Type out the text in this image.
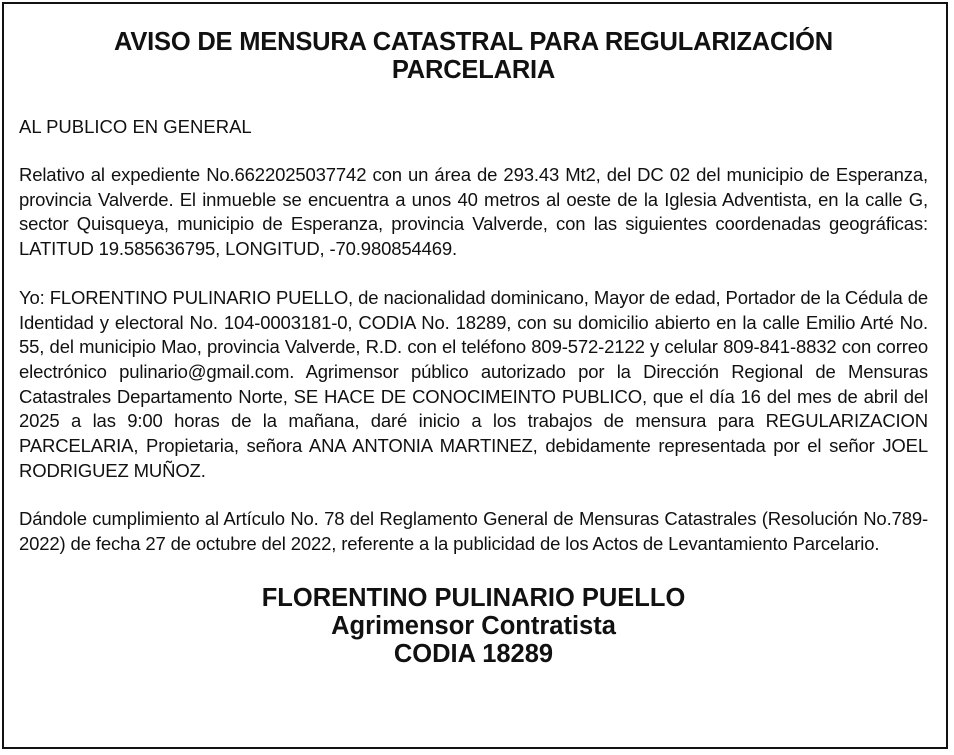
AVISO DE MENSURA CATASTRAL PARA REGULARIZACIÓN
PARCELARIA

AL PUBLICO EN GENERAL

Relativo al expediente No.6622025037742 con un área de 293.43 Mt2, del DC 02 del municipio de Esperanza, provincia Valverde. El inmueble se encuentra a unos 40 metros al oeste de la Iglesia Adventista, en la calle G, sector Quisqueya, municipio de Esperanza, provincia Valverde, con las siguientes coordenadas geográficas: LATITUD 19.585636795, LONGITUD, -70.980854469.

Yo: FLORENTINO PULINARIO PUELLO, de nacionalidad dominicano, Mayor de edad, Portador de la Cédula de Identidad y electoral No. 104-0003181-0, CODIA No. 18289, con su domicilio abierto en la calle Emilio Arté No. 55, del municipio Mao, provincia Valverde, R.D. con el teléfono 809-572-2122 y celular 809-841-8832 con correo electrónico pulinario@gmail.com. Agrimensor público autorizado por la Dirección Regional de Mensuras Catastrales Departamento Norte, SE HACE DE CONOCIMEINTO PUBLICO, que el día 16 del mes de abril del 2025 a las 9:00 horas de la mañana, daré inicio a los trabajos de mensura para REGULARIZACION PARCELARIA, Propietaria, señora ANA ANTONIA MARTINEZ, debidamente representada por el señor JOEL RODRIGUEZ MUÑOZ.

Dándole cumplimiento al Artículo No. 78 del Reglamento General de Mensuras Catastrales (Resolución No.789-2022) de fecha 27 de octubre del 2022, referente a la publicidad de los Actos de Levantamiento Parcelario.

FLORENTINO PULINARIO PUELLO
Agrimensor Contratista
CODIA 18289
